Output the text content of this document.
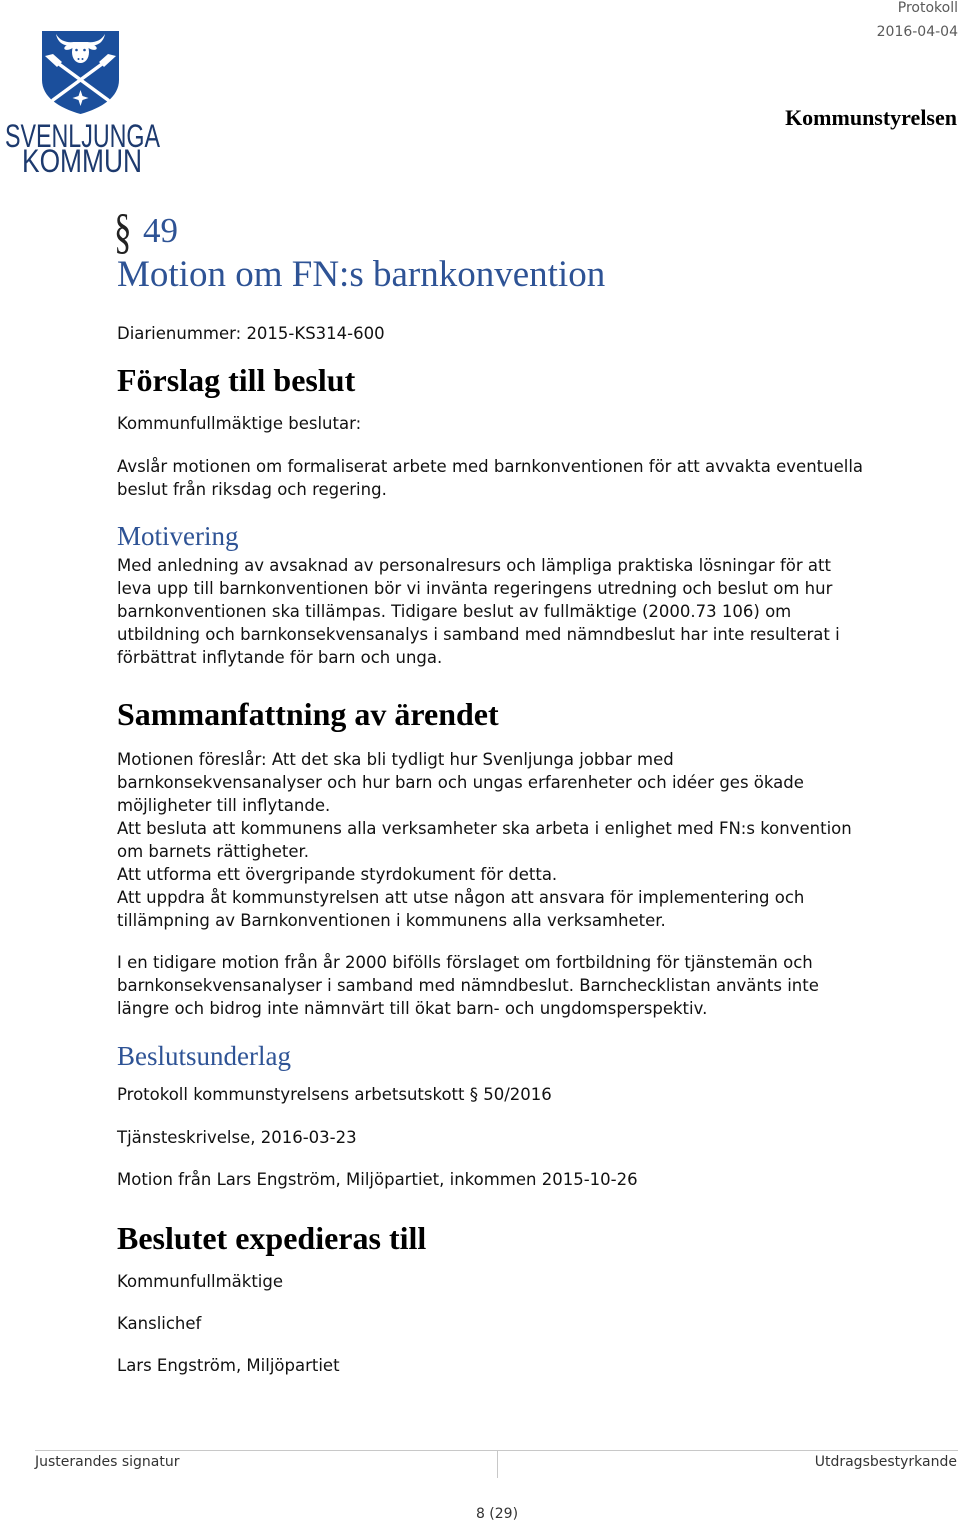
SVENLJUNGA
KOMMUN
Protokoll
2016-04-04
Kommunstyrelsen
§ 49
Motion om FN:s barnkonvention
Diarienummer: 2015-KS314-600
Förslag till beslut
Kommunfullmäktige beslutar:
Avslår motionen om formaliserat arbete med barnkonventionen för att avvakta eventuella
beslut från riksdag och regering.
Motivering
Med anledning av avsaknad av personalresurs och lämpliga praktiska lösningar för att
leva upp till barnkonventionen bör vi invänta regeringens utredning och beslut om hur
barnkonventionen ska tillämpas. Tidigare beslut av fullmäktige (2000.73 106) om
utbildning och barnkonsekvensanalys i samband med nämndbeslut har inte resulterat i
förbättrat inflytande för barn och unga.
Sammanfattning av ärendet
Motionen föreslår: Att det ska bli tydligt hur Svenljunga jobbar med
barnkonsekvensanalyser och hur barn och ungas erfarenheter och idéer ges ökade
möjligheter till inflytande.
Att besluta att kommunens alla verksamheter ska arbeta i enlighet med FN:s konvention
om barnets rättigheter.
Att utforma ett övergripande styrdokument för detta.
Att uppdra åt kommunstyrelsen att utse någon att ansvara för implementering och
tillämpning av Barnkonventionen i kommunens alla verksamheter.
I en tidigare motion från år 2000 bifölls förslaget om fortbildning för tjänstemän och
barnkonsekvensanalyser i samband med nämndbeslut. Barnchecklistan använts inte
längre och bidrog inte nämnvärt till ökat barn- och ungdomsperspektiv.
Beslutsunderlag
Protokoll kommunstyrelsens arbetsutskott § 50/2016
Tjänsteskrivelse, 2016-03-23
Motion från Lars Engström, Miljöpartiet, inkommen 2015-10-26
Beslutet expedieras till
Kommunfullmäktige
Kanslichef
Lars Engström, Miljöpartiet
Justerandes signatur	Utdragsbestyrkande
8 (29)
